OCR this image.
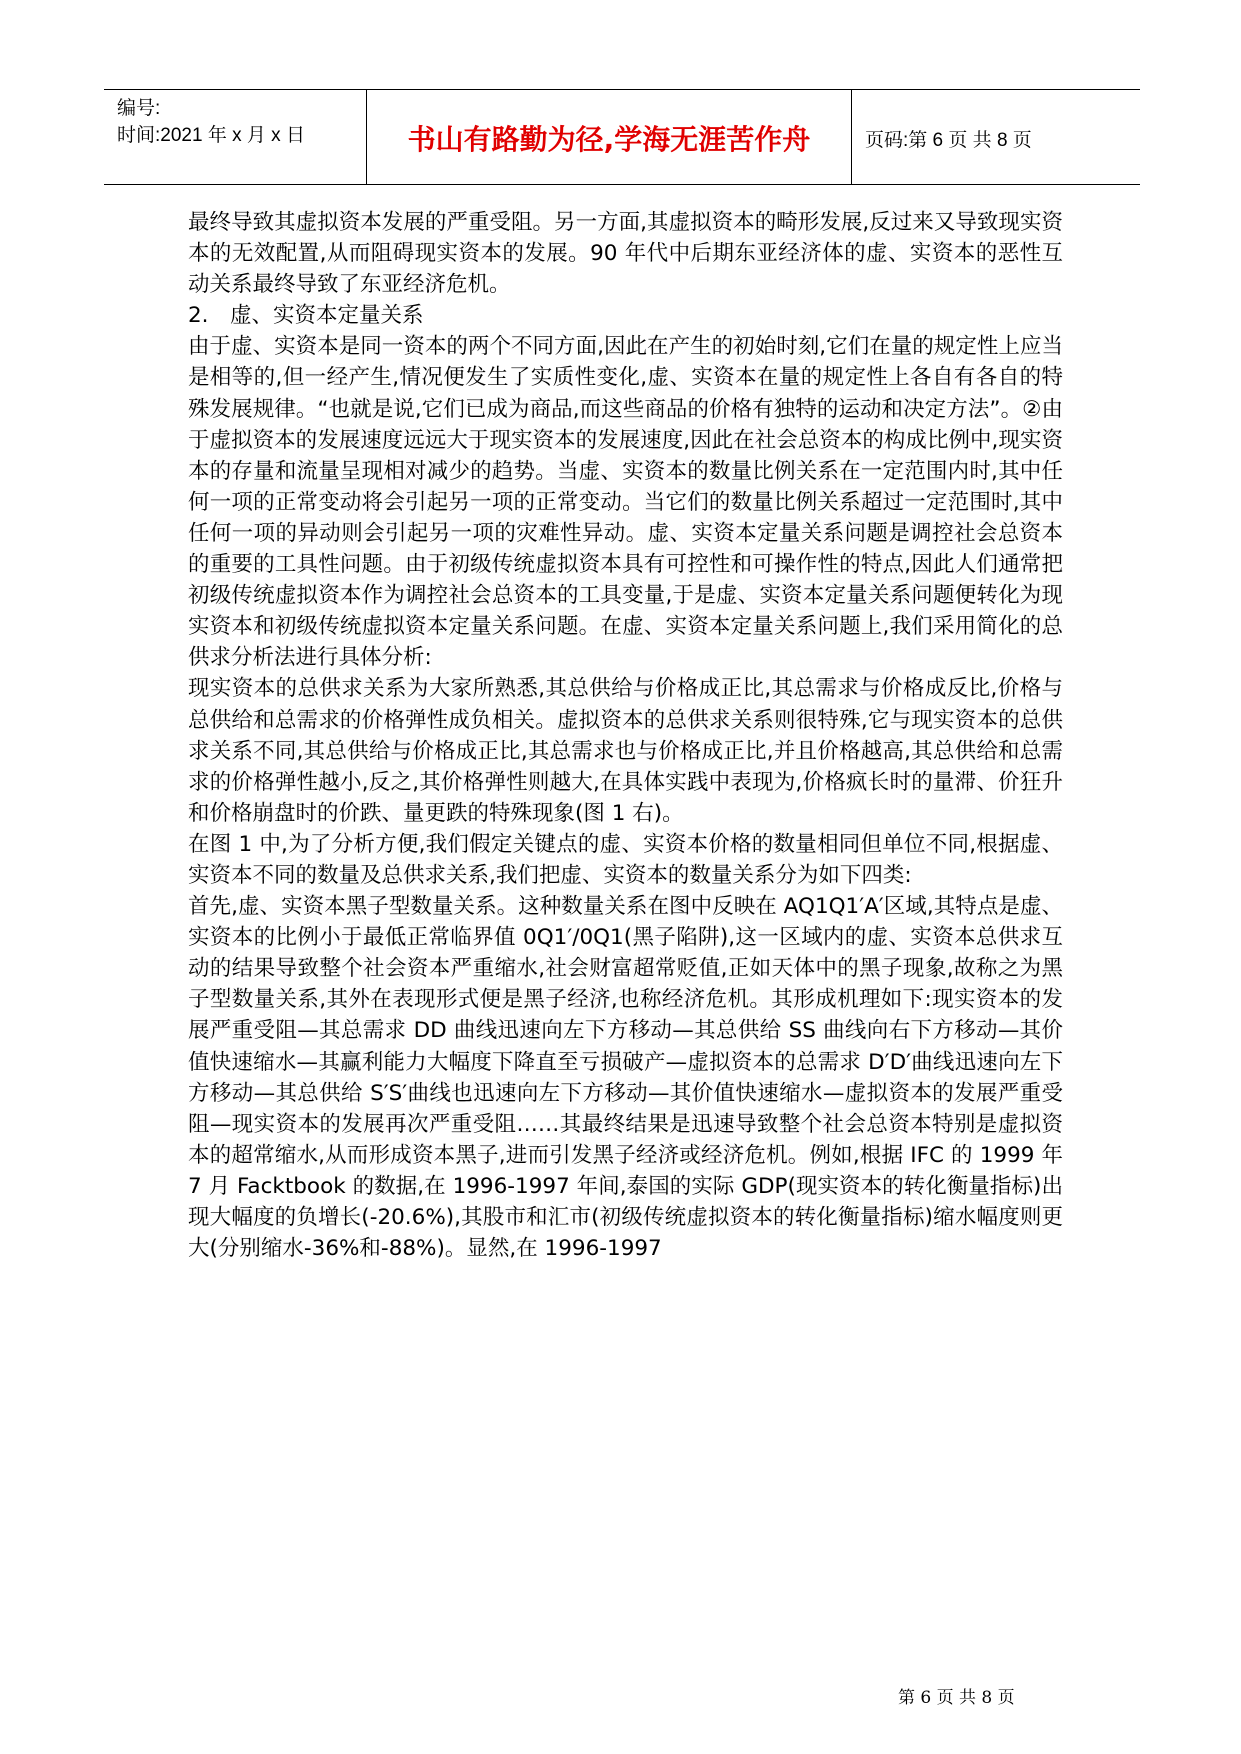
编号:
时间:2021 年 x 月 x 日	书山有路勤为径,学海无涯苦作舟	页码:第 6 页 共 8 页

最终导致其虚拟资本发展的严重受阻。另一方面,其虚拟资本的畸形发展,反过来又导致现实资本的无效配置,从而阻碍现实资本的发展。90 年代中后期东亚经济体的虚、实资本的恶性互动关系最终导致了东亚经济危机。

2.　虚、实资本定量关系

由于虚、实资本是同一资本的两个不同方面,因此在产生的初始时刻,它们在量的规定性上应当是相等的,但一经产生,情况便发生了实质性变化,虚、实资本在量的规定性上各自有各自的特殊发展规律。“也就是说,它们已成为商品,而这些商品的价格有独特的运动和决定方法”。②由于虚拟资本的发展速度远远大于现实资本的发展速度,因此在社会总资本的构成比例中,现实资本的存量和流量呈现相对减少的趋势。当虚、实资本的数量比例关系在一定范围内时,其中任何一项的正常变动将会引起另一项的正常变动。当它们的数量比例关系超过一定范围时,其中任何一项的异动则会引起另一项的灾难性异动。虚、实资本定量关系问题是调控社会总资本的重要的工具性问题。由于初级传统虚拟资本具有可控性和可操作性的特点,因此人们通常把初级传统虚拟资本作为调控社会总资本的工具变量,于是虚、实资本定量关系问题便转化为现实资本和初级传统虚拟资本定量关系问题。在虚、实资本定量关系问题上,我们采用简化的总供求分析法进行具体分析:

现实资本的总供求关系为大家所熟悉,其总供给与价格成正比,其总需求与价格成反比,价格与总供给和总需求的价格弹性成负相关。虚拟资本的总供求关系则很特殊,它与现实资本的总供求关系不同,其总供给与价格成正比,其总需求也与价格成正比,并且价格越高,其总供给和总需求的价格弹性越小,反之,其价格弹性则越大,在具体实践中表现为,价格疯长时的量滞、价狂升和价格崩盘时的价跌、量更跌的特殊现象(图 1 右)。

在图 1 中,为了分析方便,我们假定关键点的虚、实资本价格的数量相同但单位不同,根据虚、实资本不同的数量及总供求关系,我们把虚、实资本的数量关系分为如下四类:

首先,虚、实资本黑子型数量关系。这种数量关系在图中反映在 AQ1Q1′A′区域,其特点是虚、实资本的比例小于最低正常临界值 0Q1′/0Q1(黑子陷阱),这一区域内的虚、实资本总供求互动的结果导致整个社会资本严重缩水,社会财富超常贬值,正如天体中的黑子现象,故称之为黑子型数量关系,其外在表现形式便是黑子经济,也称经济危机。其形成机理如下:现实资本的发展严重受阻—其总需求 DD 曲线迅速向左下方移动—其总供给 SS 曲线向右下方移动—其价值快速缩水—其赢利能力大幅度下降直至亏损破产—虚拟资本的总需求 D′D′曲线迅速向左下方移动—其总供给 S′S′曲线也迅速向左下方移动—其价值快速缩水—虚拟资本的发展严重受阻—现实资本的发展再次严重受阻……其最终结果是迅速导致整个社会总资本特别是虚拟资本的超常缩水,从而形成资本黑子,进而引发黑子经济或经济危机。例如,根据 IFC 的 1999 年 7 月 Facktbook 的数据,在 1996-1997 年间,泰国的实际 GDP(现实资本的转化衡量指标)出现大幅度的负增长(-20.6%),其股市和汇市(初级传统虚拟资本的转化衡量指标)缩水幅度则更大(分别缩水-36%和-88%)。显然,在 1996-1997

第 6 页 共 8 页
